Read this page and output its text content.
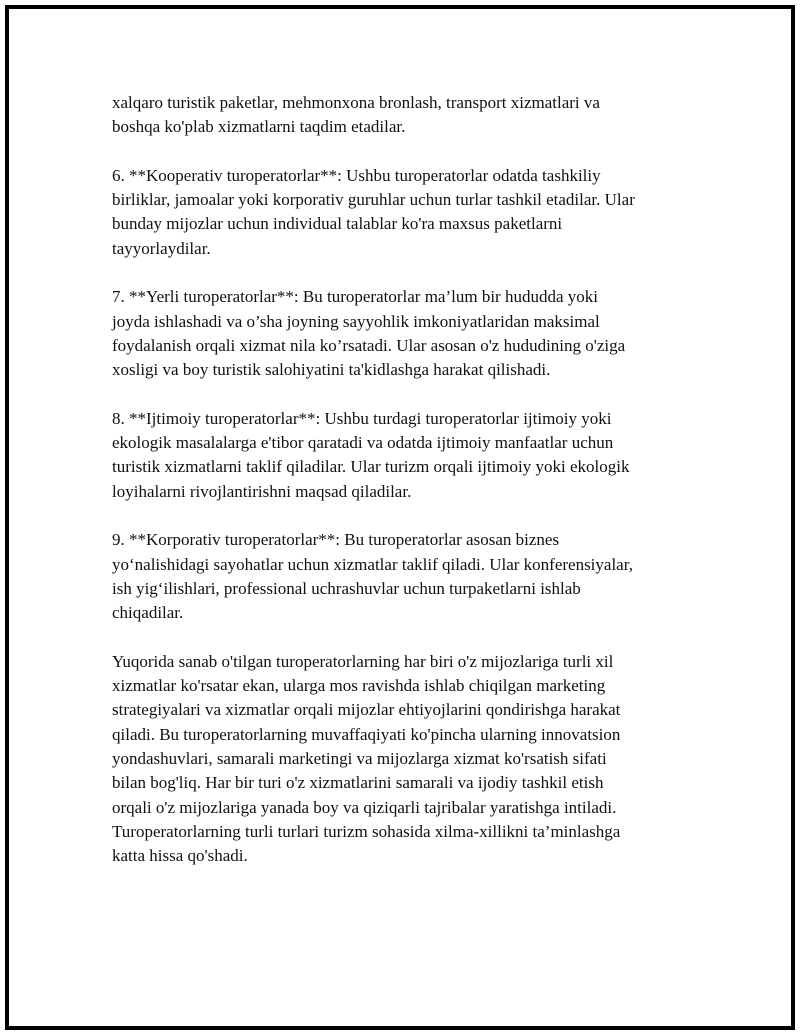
xalqaro turistik paketlar, mehmonxona bronlash, transport xizmatlari va
boshqa ko'plab xizmatlarni taqdim etadilar.

6. **Kooperativ turoperatorlar**: Ushbu turoperatorlar odatda tashkiliy
birliklar, jamoalar yoki korporativ guruhlar uchun turlar tashkil etadilar. Ular
bunday mijozlar uchun individual talablar ko'ra maxsus paketlarni
tayyorlaydilar.

7. **Yerli turoperatorlar**: Bu turoperatorlar ma’lum bir hududda yoki
joyda ishlashadi va o’sha joyning sayyohlik imkoniyatlaridan maksimal
foydalanish orqali xizmat nila ko’rsatadi. Ular asosan o'z hududining o'ziga
xosligi va boy turistik salohiyatini ta'kidlashga harakat qilishadi.

8. **Ijtimoiy turoperatorlar**: Ushbu turdagi turoperatorlar ijtimoiy yoki
ekologik masalalarga e'tibor qaratadi va odatda ijtimoiy manfaatlar uchun
turistik xizmatlarni taklif qiladilar. Ular turizm orqali ijtimoiy yoki ekologik
loyihalarni rivojlantirishni maqsad qiladilar.

9. **Korporativ turoperatorlar**: Bu turoperatorlar asosan biznes
yo‘nalishidagi sayohatlar uchun xizmatlar taklif qiladi. Ular konferensiyalar,
ish yig‘ilishlari, professional uchrashuvlar uchun turpaketlarni ishlab
chiqadilar.

Yuqorida sanab o'tilgan turoperatorlarning har biri o'z mijozlariga turli xil
xizmatlar ko'rsatar ekan, ularga mos ravishda ishlab chiqilgan marketing
strategiyalari va xizmatlar orqali mijozlar ehtiyojlarini qondirishga harakat
qiladi. Bu turoperatorlarning muvaffaqiyati ko'pincha ularning innovatsion
yondashuvlari, samarali marketingi va mijozlarga xizmat ko'rsatish sifati
bilan bog'liq. Har bir turi o'z xizmatlarini samarali va ijodiy tashkil etish
orqali o'z mijozlariga yanada boy va qiziqarli tajribalar yaratishga intiladi.
Turoperatorlarning turli turlari turizm sohasida xilma-xillikni ta’minlashga
katta hissa qo'shadi.
